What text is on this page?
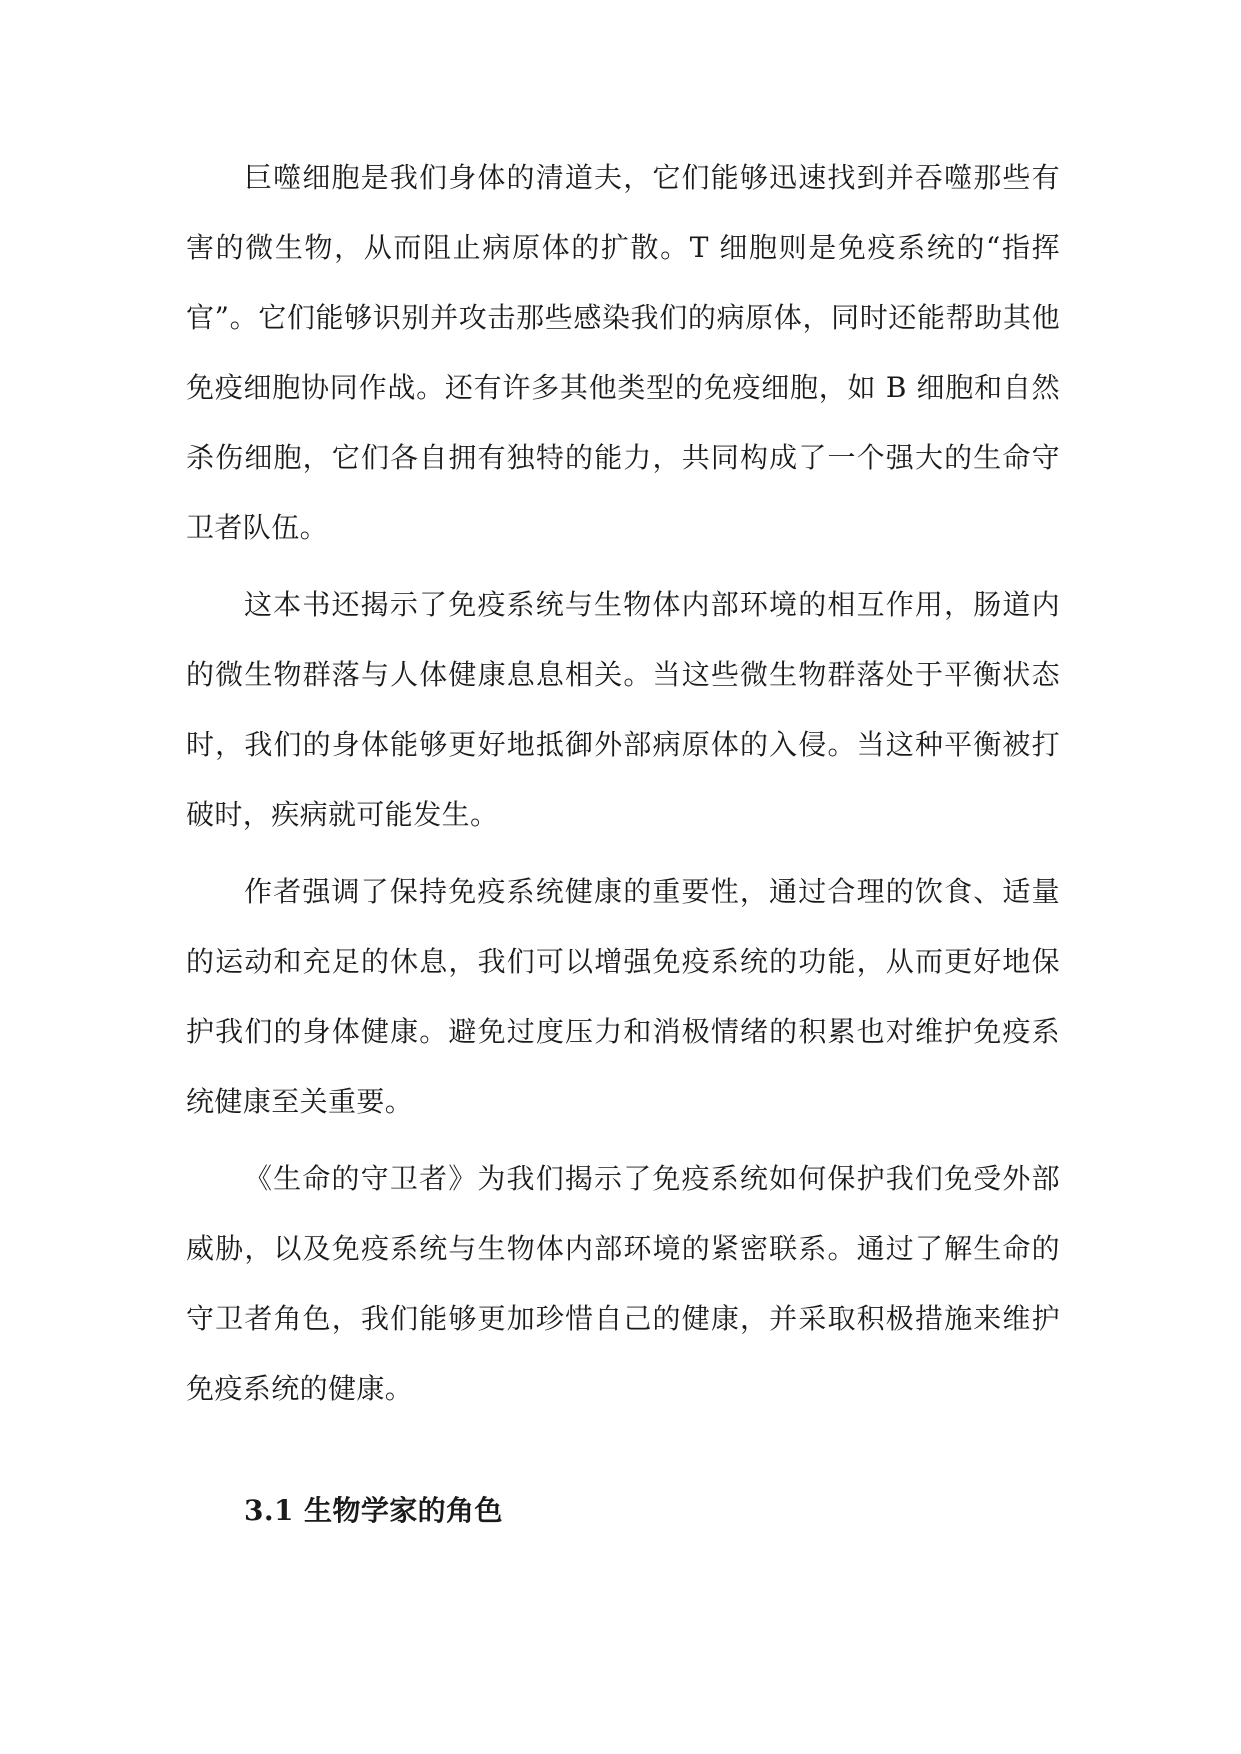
巨噬细胞是我们身体的清道夫，它们能够迅速找到并吞噬那些有害的微生物，从而阻止病原体的扩散。T 细胞则是免疫系统的“指挥官”。它们能够识别并攻击那些感染我们的病原体，同时还能帮助其他免疫细胞协同作战。还有许多其他类型的免疫细胞，如 B 细胞和自然杀伤细胞，它们各自拥有独特的能力，共同构成了一个强大的生命守卫者队伍。

这本书还揭示了免疫系统与生物体内部环境的相互作用，肠道内的微生物群落与人体健康息息相关。当这些微生物群落处于平衡状态时，我们的身体能够更好地抵御外部病原体的入侵。当这种平衡被打破时，疾病就可能发生。

作者强调了保持免疫系统健康的重要性，通过合理的饮食、适量的运动和充足的休息，我们可以增强免疫系统的功能，从而更好地保护我们的身体健康。避免过度压力和消极情绪的积累也对维护免疫系统健康至关重要。

《生命的守卫者》为我们揭示了免疫系统如何保护我们免受外部威胁，以及免疫系统与生物体内部环境的紧密联系。通过了解生命的守卫者角色，我们能够更加珍惜自己的健康，并采取积极措施来维护免疫系统的健康。

3.1 生物学家的角色
